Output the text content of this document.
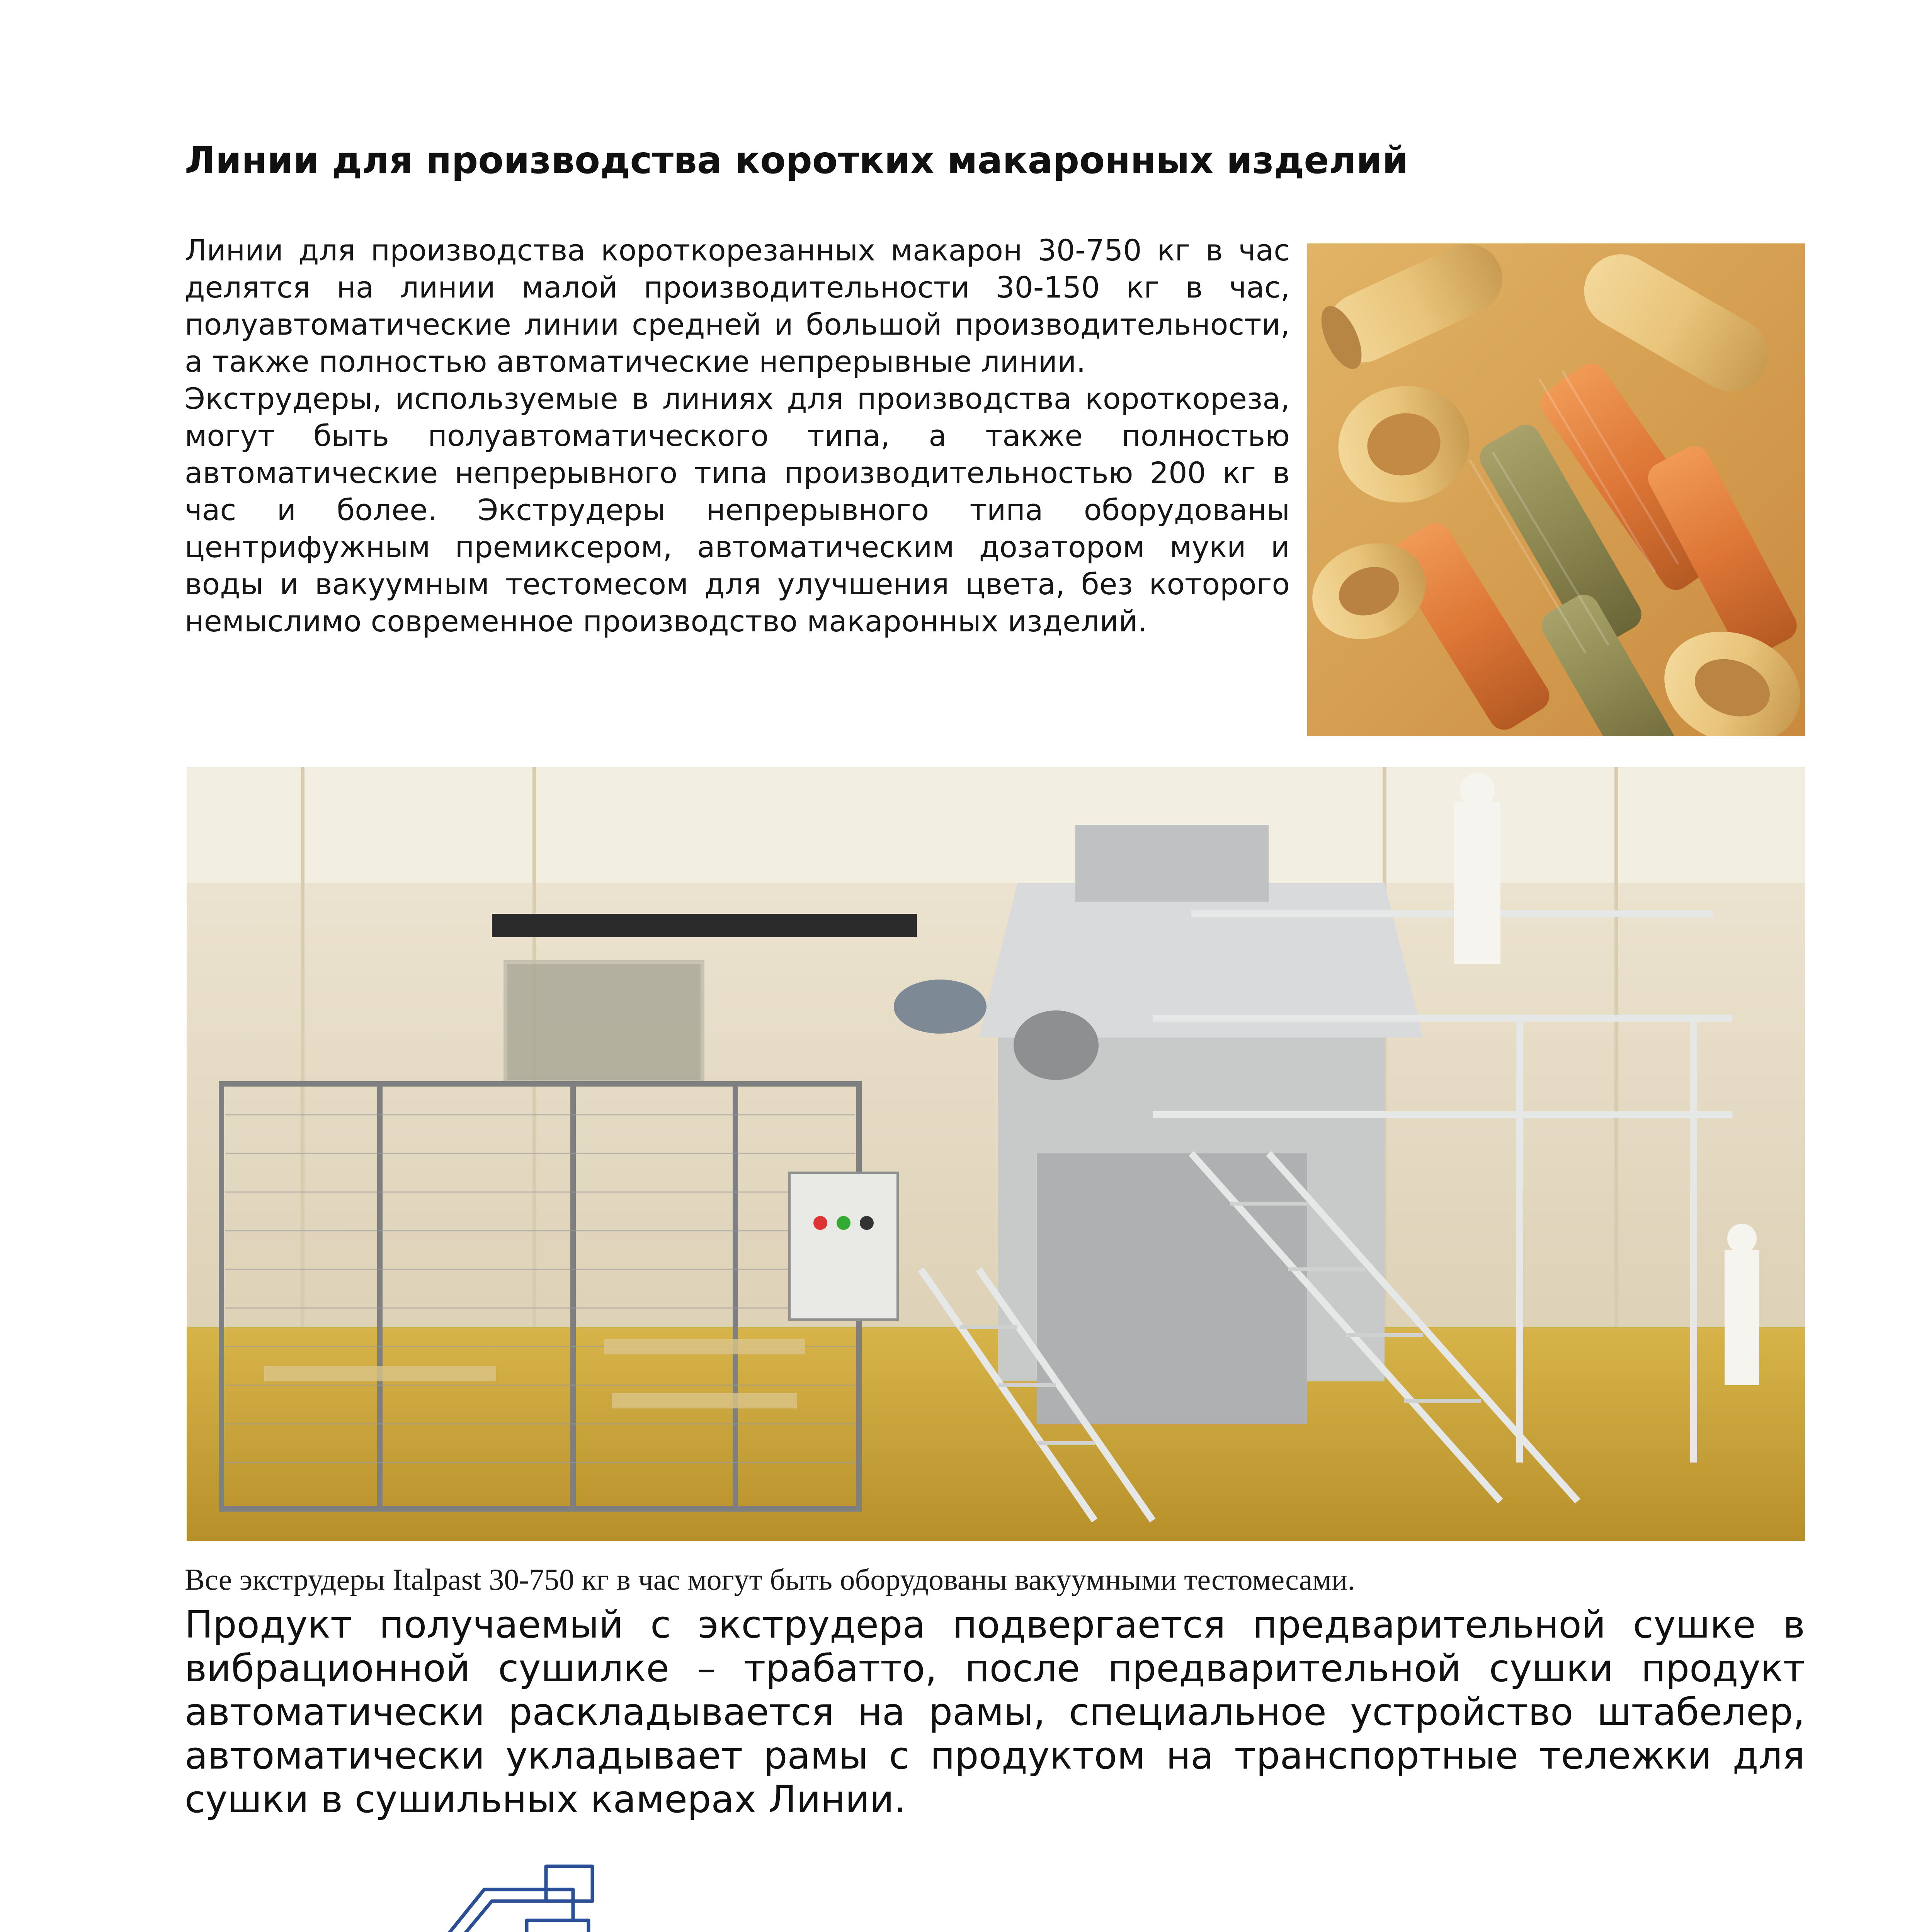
Линии для производства коротких макаронных изделий

Линии для производства короткорезанных макарон 30-750 кг в час делятся на линии малой производительности 30-150 кг в час, полуавтоматические линии средней и большой производительности, а также полностью автоматические непрерывные линии.

Экструдеры, используемые в линиях для производства короткореза, могут быть полуавтоматического типа, а также полностью автоматические непрерывного типа производительностью 200 кг в час и более. Экструдеры непрерывного типа оборудованы центрифужным премиксером, автоматическим дозатором муки и воды и вакуумным тестомесом для улучшения цвета, без которого немыслимо современное производство макаронных изделий.

Все экструдеры Italpast 30-750 кг в час могут быть оборудованы вакуумными тестомесами.

Продукт получаемый с экструдера подвергается предварительной сушке в вибрационной сушилке – трабатто, после предварительной сушки продукт автоматически раскладывается на рамы, специальное устройство штабелер, автоматически укладывает рамы с продуктом на транспортные тележки для сушки в сушильных камерах Линии.
